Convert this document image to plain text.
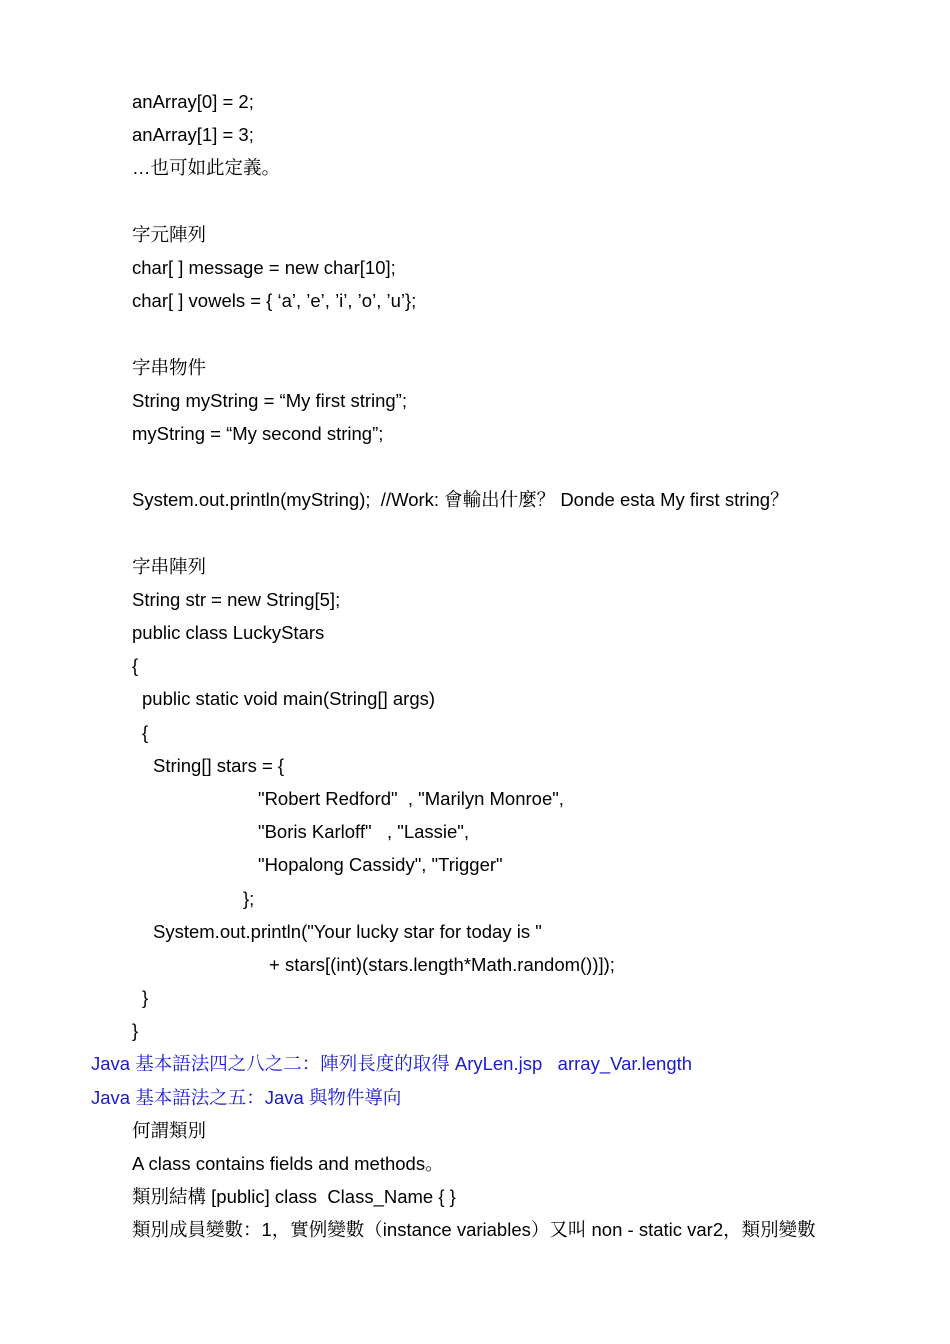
anArray[0] = 2;
anArray[1] = 3;
…也可如此定義。
字元陣列
char[ ] message = new char[10];
char[ ] vowels = { ‘a’, ’e’, ’i’, ’o’, ’u’};
字串物件
String myString = “My first string”;
myString = “My second string”;
System.out.println(myString);  //Work: 會輸出什麼？ Donde esta My first string？
字串陣列
String str = new String[5];
public class LuckyStars
{
public static void main(String[] args)
{
String[] stars = {
"Robert Redford"  , "Marilyn Monroe",
"Boris Karloff"   , "Lassie",
"Hopalong Cassidy", "Trigger"
};
System.out.println("Your lucky star for today is "
+ stars[(int)(stars.length*Math.random())]);
}
}
Java 基本語法四之八之二：陣列長度的取得 AryLen.jsp   array_Var.length
Java 基本語法之五：Java 與物件導向
何謂類別
A class contains fields and methods。
類別結構 [public] class  Class_Name { }
類別成員變數：1，實例變數（instance variables）又叫 non - static var2，類別變數
